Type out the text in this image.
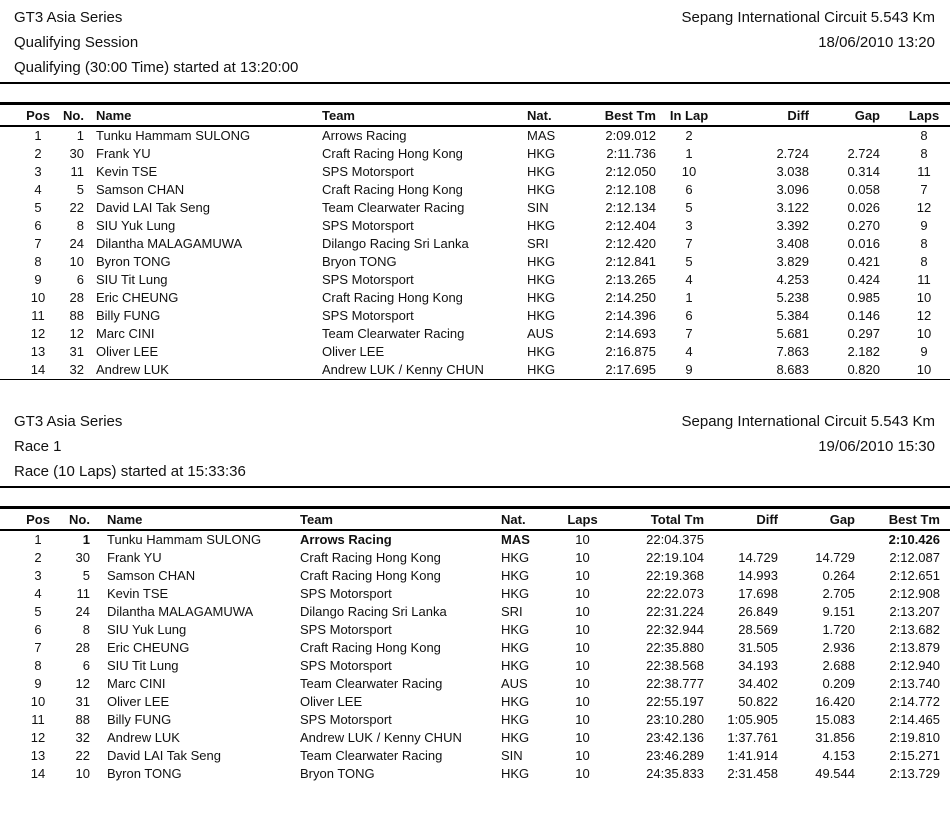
GT3 Asia Series
Qualifying Session
Qualifying (30:00 Time) started at 13:20:00
Sepang International Circuit 5.543 Km
18/06/2010 13:20
Pos	No.	Name	Team	Nat.	Best Tm	In Lap	Diff	Gap	Laps
1	1	Tunku Hammam SULONG	Arrows Racing	MAS	2:09.012	2			8
2	30	Frank YU	Craft Racing Hong Kong	HKG	2:11.736	1	2.724	2.724	8
3	11	Kevin TSE	SPS Motorsport	HKG	2:12.050	10	3.038	0.314	11
4	5	Samson CHAN	Craft Racing Hong Kong	HKG	2:12.108	6	3.096	0.058	7
5	22	David LAI Tak Seng	Team Clearwater Racing	SIN	2:12.134	5	3.122	0.026	12
6	8	SIU Yuk Lung	SPS Motorsport	HKG	2:12.404	3	3.392	0.270	9
7	24	Dilantha MALAGAMUWA	Dilango Racing Sri Lanka	SRI	2:12.420	7	3.408	0.016	8
8	10	Byron TONG	Bryon TONG	HKG	2:12.841	5	3.829	0.421	8
9	6	SIU Tit Lung	SPS Motorsport	HKG	2:13.265	4	4.253	0.424	11
10	28	Eric CHEUNG	Craft Racing Hong Kong	HKG	2:14.250	1	5.238	0.985	10
11	88	Billy FUNG	SPS Motorsport	HKG	2:14.396	6	5.384	0.146	12
12	12	Marc CINI	Team Clearwater Racing	AUS	2:14.693	7	5.681	0.297	10
13	31	Oliver LEE	Oliver LEE	HKG	2:16.875	4	7.863	2.182	9
14	32	Andrew LUK	Andrew LUK / Kenny CHUN	HKG	2:17.695	9	8.683	0.820	10
GT3 Asia Series
Race 1
Race (10 Laps) started at 15:33:36
Sepang International Circuit 5.543 Km
19/06/2010 15:30
Pos	No.	Name	Team	Nat.	Laps	Total Tm	Diff	Gap	Best Tm
1	1	Tunku Hammam SULONG	Arrows Racing	MAS	10	22:04.375			2:10.426
2	30	Frank YU	Craft Racing Hong Kong	HKG	10	22:19.104	14.729	14.729	2:12.087
3	5	Samson CHAN	Craft Racing Hong Kong	HKG	10	22:19.368	14.993	0.264	2:12.651
4	11	Kevin TSE	SPS Motorsport	HKG	10	22:22.073	17.698	2.705	2:12.908
5	24	Dilantha MALAGAMUWA	Dilango Racing Sri Lanka	SRI	10	22:31.224	26.849	9.151	2:13.207
6	8	SIU Yuk Lung	SPS Motorsport	HKG	10	22:32.944	28.569	1.720	2:13.682
7	28	Eric CHEUNG	Craft Racing Hong Kong	HKG	10	22:35.880	31.505	2.936	2:13.879
8	6	SIU Tit Lung	SPS Motorsport	HKG	10	22:38.568	34.193	2.688	2:12.940
9	12	Marc CINI	Team Clearwater Racing	AUS	10	22:38.777	34.402	0.209	2:13.740
10	31	Oliver LEE	Oliver LEE	HKG	10	22:55.197	50.822	16.420	2:14.772
11	88	Billy FUNG	SPS Motorsport	HKG	10	23:10.280	1:05.905	15.083	2:14.465
12	32	Andrew LUK	Andrew LUK / Kenny CHUN	HKG	10	23:42.136	1:37.761	31.856	2:19.810
13	22	David LAI Tak Seng	Team Clearwater Racing	SIN	10	23:46.289	1:41.914	4.153	2:15.271
14	10	Byron TONG	Bryon TONG	HKG	10	24:35.833	2:31.458	49.544	2:13.729
